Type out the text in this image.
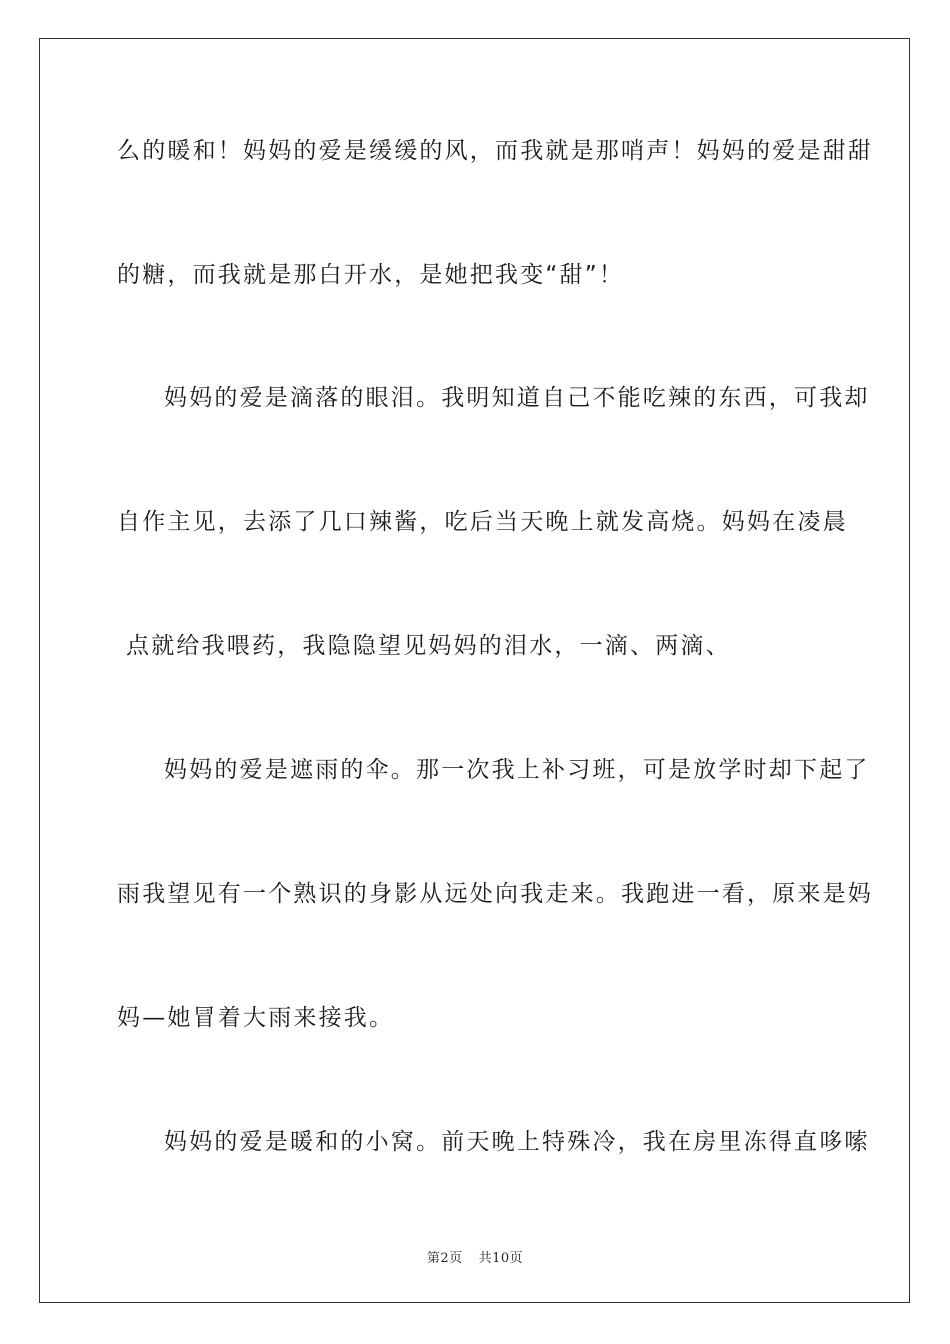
么的暖和！妈妈的爱是缓缓的风，而我就是那哨声！妈妈的爱是甜甜
的糖，而我就是那白开水，是她把我变“甜”！
妈妈的爱是滴落的眼泪。我明知道自己不能吃辣的东西，可我却
自作主见，去添了几口辣酱，吃后当天晚上就发高烧。妈妈在凌晨
点就给我喂药，我隐隐望见妈妈的泪水，一滴、两滴、
妈妈的爱是遮雨的伞。那一次我上补习班，可是放学时却下起了
雨我望见有一个熟识的身影从远处向我走来。我跑进一看，原来是妈
妈—她冒着大雨来接我。
妈妈的爱是暖和的小窝。前天晚上特殊冷，我在房里冻得直哆嗦
第2页 共10页
